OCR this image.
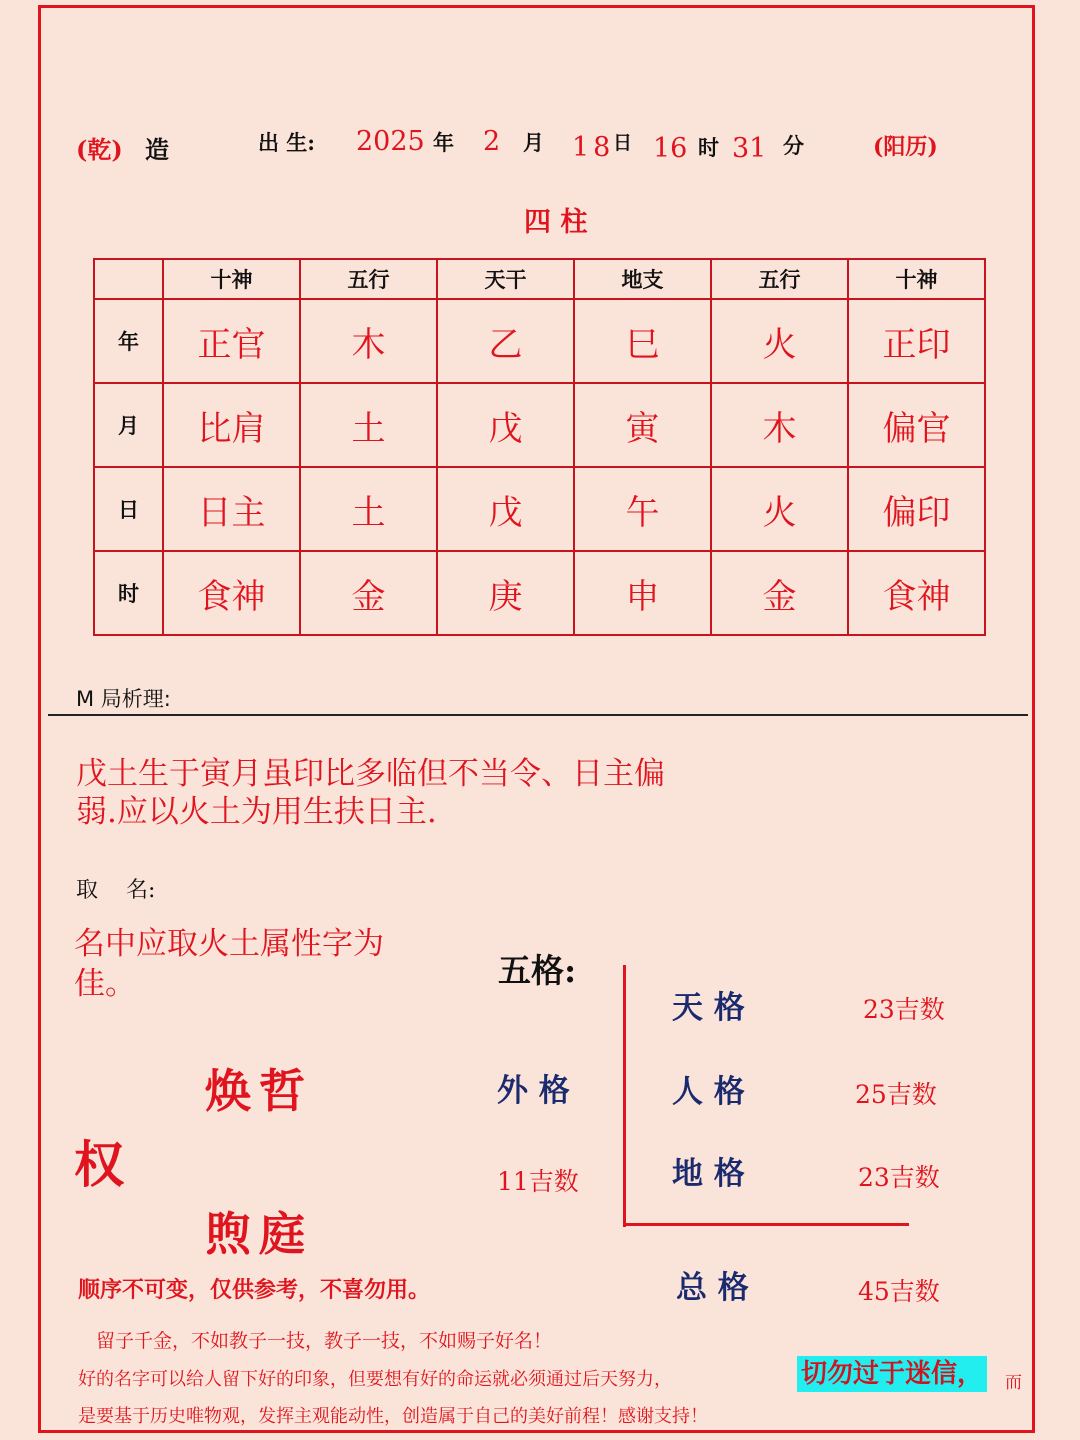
(乾) 造	出 生: 2025 年 2 月 18
日 16 时 31 分	(阳历)
四 柱
	十神	五行	天干	地支	五行	十神
年	正官	木	乙	巳	火	正印
月	比肩	土	戊	寅	木	偏官
日	日主	土	戊	午	火	偏印
时	食神	金	庚	申	金	食神
M 局析理:
戊土生于寅月虽印比多临但不当令、日主偏
弱.应以火土为用生扶日主.
取    名:
名中应取火土属性字为
佳。
权
焕哲
煦庭
顺序不可变，仅供参考，不喜勿用。
五格:
外 格
11吉数
天 格	23吉数
人 格	25吉数
地 格	23吉数
总 格	45吉数
留子千金，不如教子一技，教子一技，不如赐子好名！
好的名字可以给人留下好的印象，但要想有好的命运就必须通过后天努力，	切勿过于迷信， 而
是要基于历史唯物观，发挥主观能动性，创造属于自己的美好前程！感谢支持！
